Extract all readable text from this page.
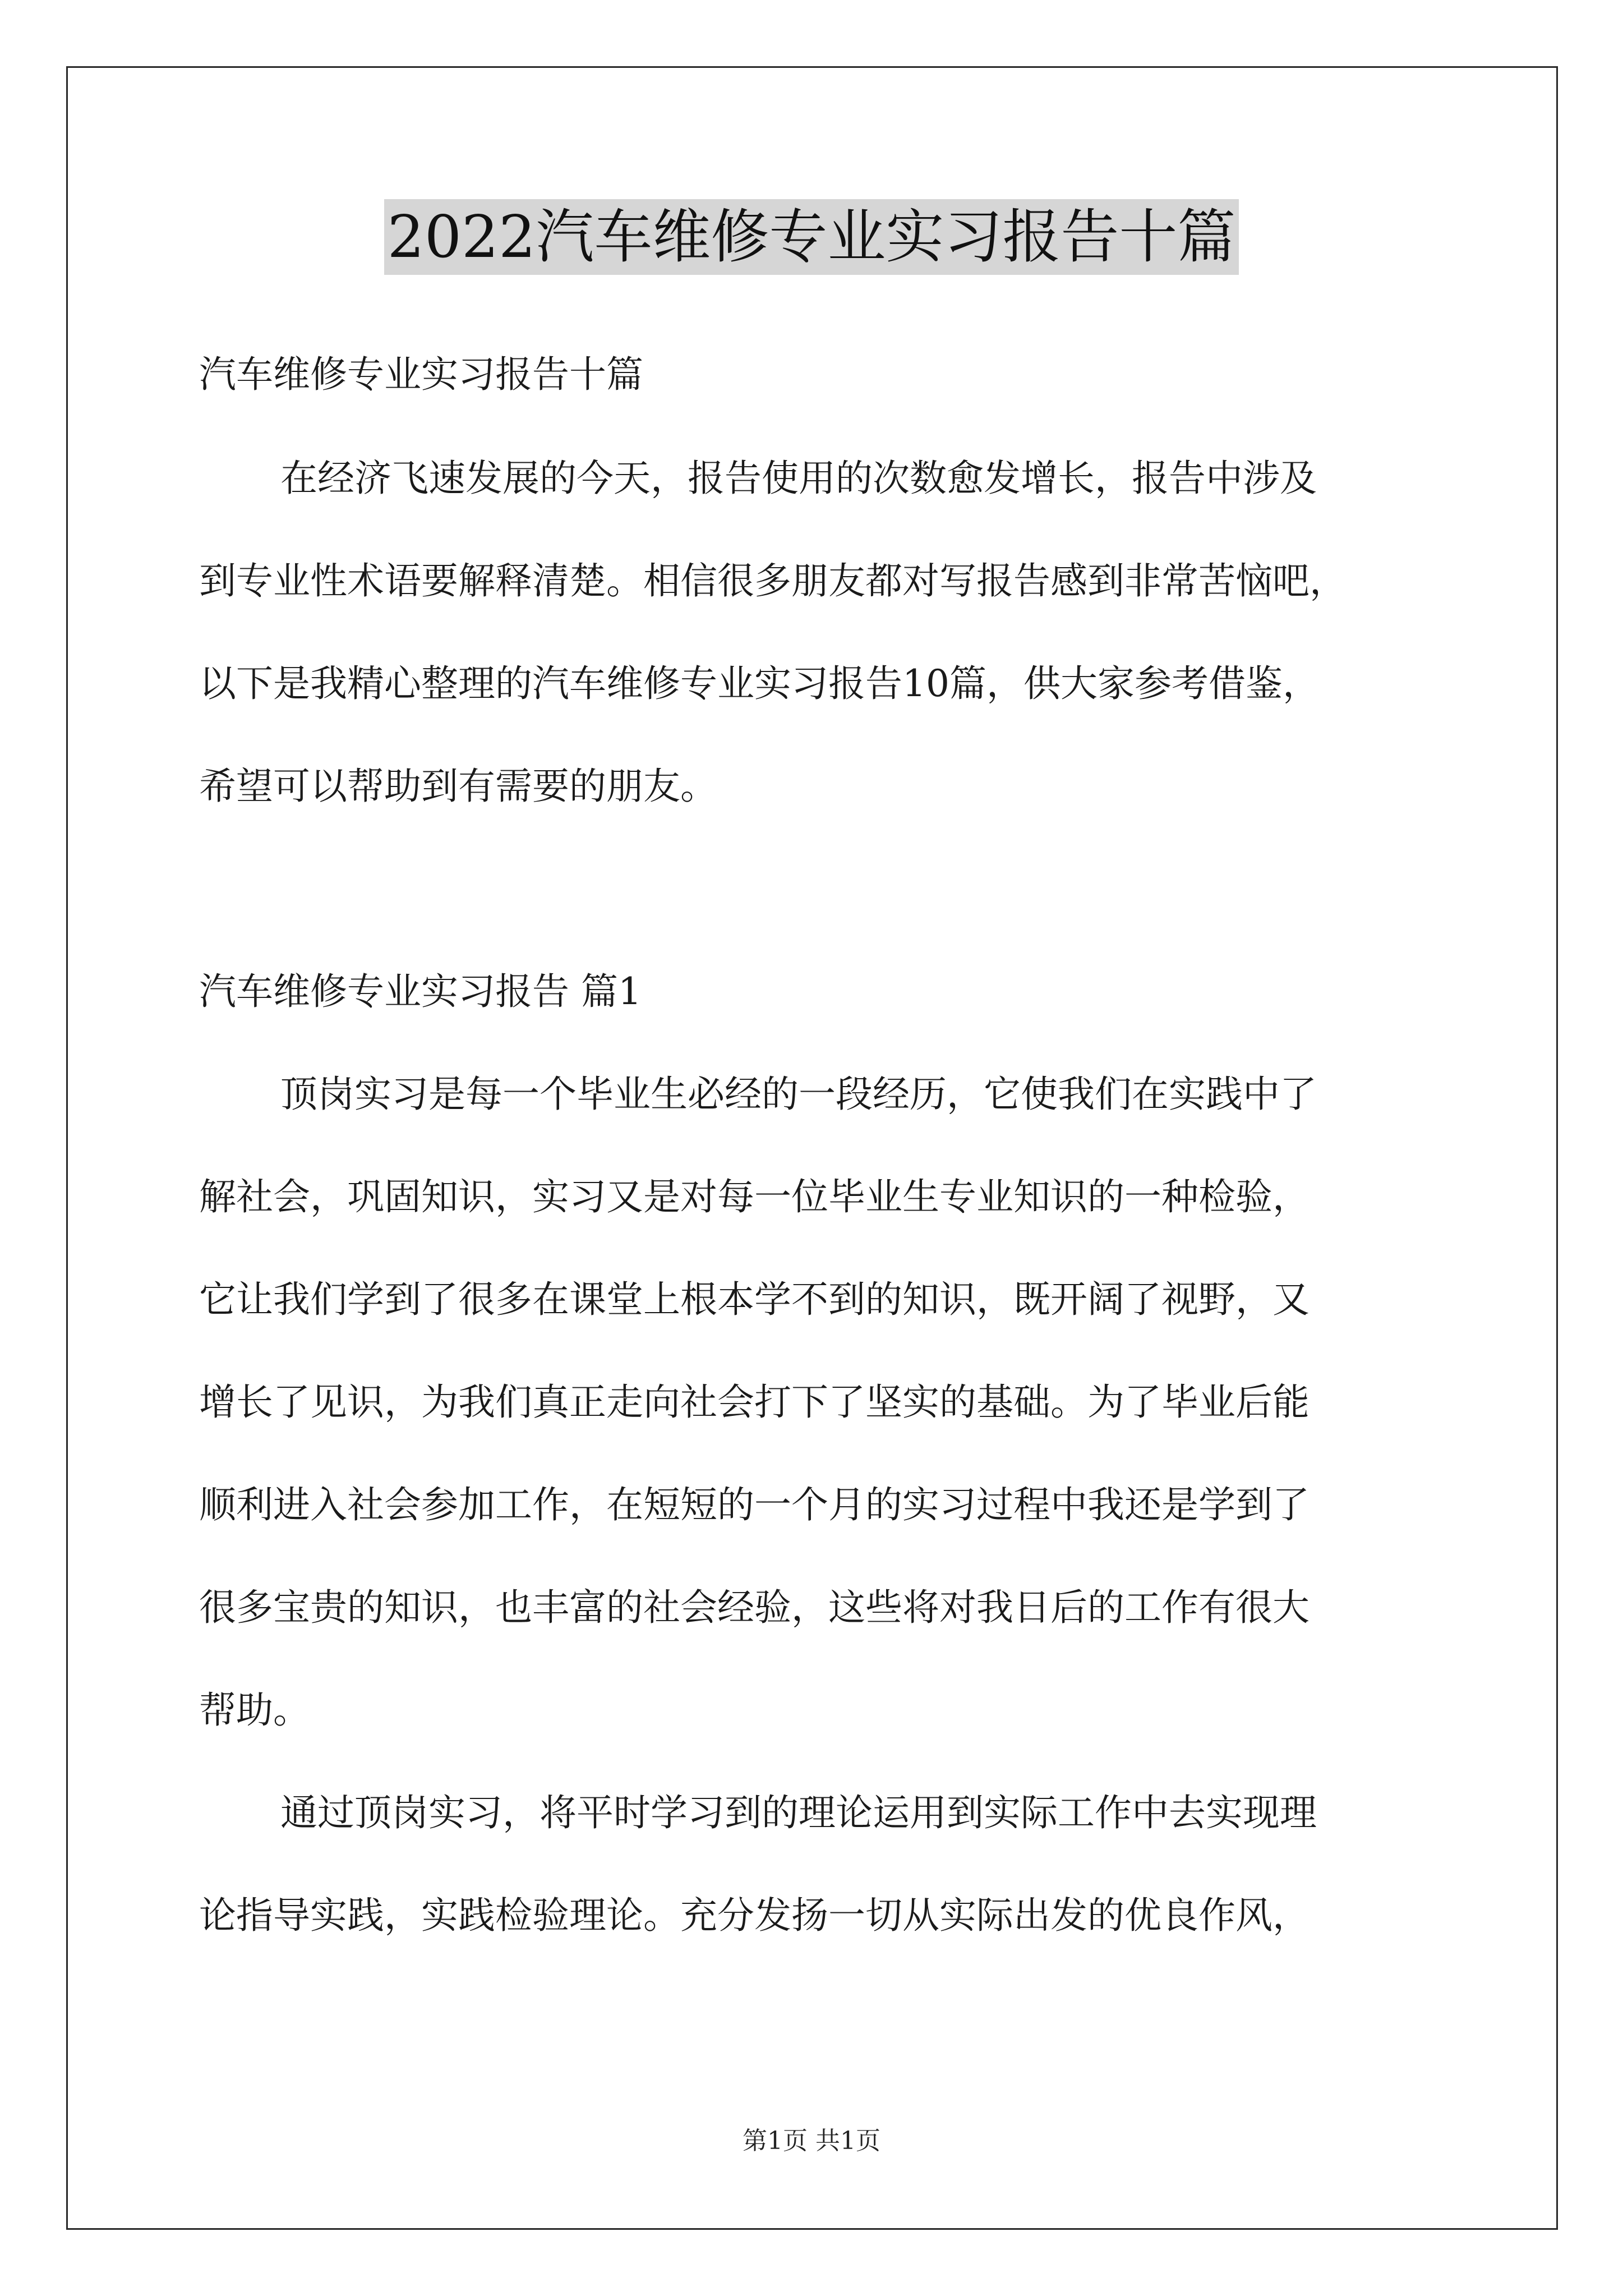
2022汽车维修专业实习报告十篇
汽车维修专业实习报告十篇
在经济飞速发展的今天，报告使用的次数愈发增长，报告中涉及
到专业性术语要解释清楚。相信很多朋友都对写报告感到非常苦恼吧，
以下是我精心整理的汽车维修专业实习报告10篇，供大家参考借鉴，
希望可以帮助到有需要的朋友。
汽车维修专业实习报告 篇1
顶岗实习是每一个毕业生必经的一段经历，它使我们在实践中了
解社会，巩固知识，实习又是对每一位毕业生专业知识的一种检验，
它让我们学到了很多在课堂上根本学不到的知识，既开阔了视野，又
增长了见识，为我们真正走向社会打下了坚实的基础。为了毕业后能
顺利进入社会参加工作，在短短的一个月的实习过程中我还是学到了
很多宝贵的知识，也丰富的社会经验，这些将对我日后的工作有很大
帮助。
通过顶岗实习，将平时学习到的理论运用到实际工作中去实现理
论指导实践，实践检验理论。充分发扬一切从实际出发的优良作风，
第1页 共1页
